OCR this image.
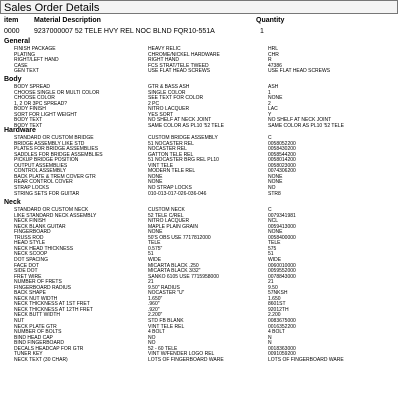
Sales Order Details
item Material Description	Quantity
0000 9237000007 52 TELE HVY REL NOC BLND FQR10-551A	1
General
FINISH PACKAGE	HEAVY RELIC	HRL
PLATING	CHROME/NICKEL HARDWARE	CHR
RIGHT/LEFT HAND	RIGHT HAND	R
CASE	FCS STRAT/TELE TWEED	47386
GEN TEXT	USE FLAT HEAD SCREWS	USE FLAT HEAD SCREWS
Body
BODY SPREAD	GTR & BASS ASH	ASH
CHOOSE SINGLE OR MULTI COLOR	SINGLE COLOR	1
CHOOSE COLOR	SEE TEXT FOR COLOR	NONE
1, 2 OR 3PC SPREAD?	2 PC	2
BODY FINISH	NITRO LACQUER	LAC
SORT FOR LIGHT WEIGHT	YES SORT	Y
BODY TEXT	NO SHELF AT NECK JOINT	NO SHELF AT NECK JOINT
BODY TEXT	SAME COLOR AS PL10 '52 TELE	SAME COLOR AS PL10 '52 TELE
Hardware
STANDARD OR CUSTOM BRIDGE	CUSTOM BRIDGE ASSEMBLY	C
BRIDGE ASSEMBLY LIKE STD	51 NOCASTER REL	0058052200
PLATES FOR BRIDGE ASSEMBLIES	NOCASTER REL	0058430200
SADDLES FOR BRIDGE ASSEMBLIES	GATTON TELE REL	0058544200
PICKUP BRIDGE POSITION	51 NOCASTER BRG REL PL10	0058014200
OUTPUT ASSEMBLIES	VINT TELE	0058023000
CONTROL ASSEMBLY	MODERN TELE REL	0074306200
BACK PLATE & TREM COVER GTR	NONE	NONE
REAR CONTROL COVER	NONE	NONE
STRAP LOCKS	NO STRAP LOCKS	NO
STRING SETS FOR GUITAR	010-013-017-026-036-046	STR8
Neck
STANDARD OR CUSTOM NECK	CUSTOM NECK	C
LIKE STANDARD NECK ASSEMBLY	52 TELE C/REL	0079341981
NECK FINISH	NITRO LACQUER	NCL
NECK BLANK GUITAR	MAPLE PLAIN GRAIN	0059413000
FINGERBOARD	NONE	NONE
TRUSS ROD	50'S OBS USE 7717812000	0058400000
HEAD STYLE	TELE	TELE
NECK HEAD THICKNESS	0.575"	575
NECK SCOOP	51	51
DOT SPACING	WIDE	WIDE
FACE DOT	MICARTA BLACK .250	0060010000
SIDE DOT	MICARTA BLACK 3/32"	0059552000
FRET WIRE	SANKO 6105 USE 7715958000	0078843000
NUMBER OF FRETS	21	21
FINGERBOARD RADIUS	9.50" RADIUS	9.50
BACK SHAPE	NOCASTER "U"	57NKSH
NECK NUT WIDTH	1.650"	1.650
NECK THICKNESS AT 1ST FRET	.960"	8601ST
NECK THICKNESS AT 12TH FRET	.920"	92012TH
NECK BUTT WIDTH	2.200"	2.200
NUT	STD FB BLANK	0083675000
NECK PLATE GTR	VINT TELE REL	0016352200
NUMBER OF BOLTS	4 BOLT	4 BOLT
BIND HEAD CAP	NO	N
BIND FINGERBOARD	NO	N
DECALS HEADCAP FOR GTR	52 - 60 TELE	0018363000
TUNER KEY	VINT W/FENDER LOGO REL	0091059200
NECK TEXT (30 CHAR)	LOTS OF FINGERBOARD WARE	LOTS OF FINGERBOARD WARE
